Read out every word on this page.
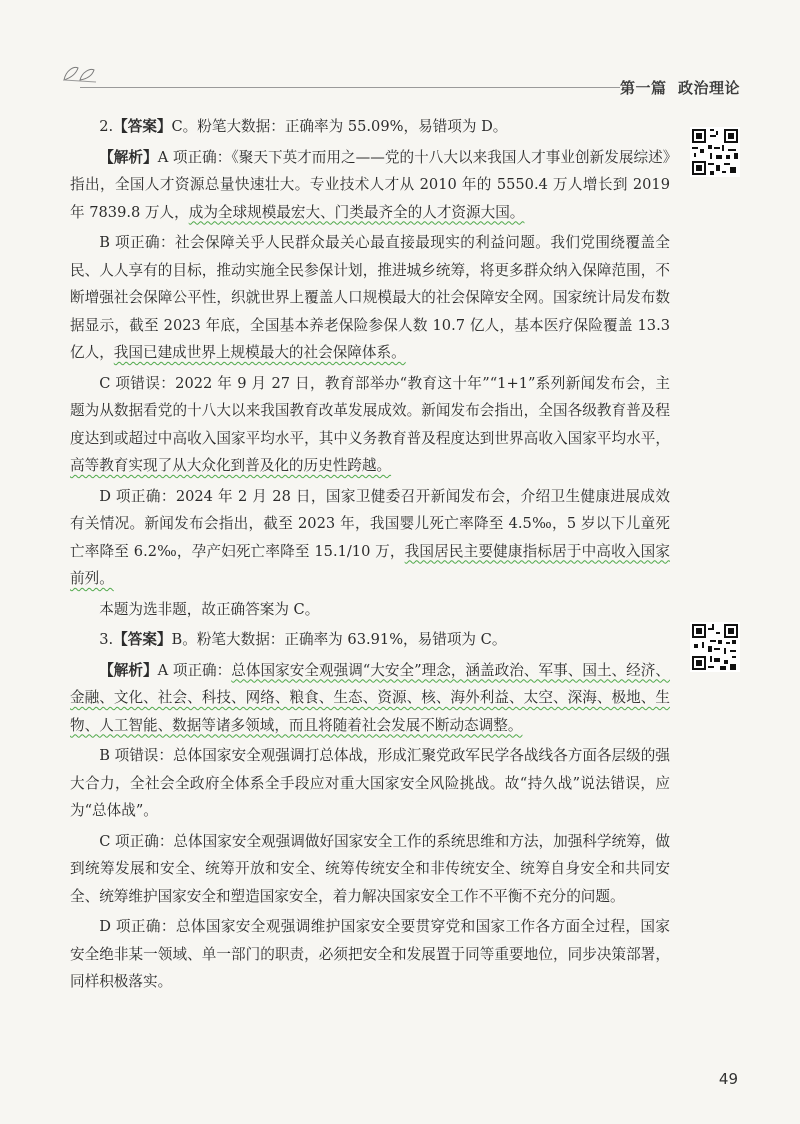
第一篇  政治理论

2.【答案】C。粉笔大数据：正确率为 55.09%，易错项为 D。

【解析】A 项正确：《聚天下英才而用之——党的十八大以来我国人才事业创新发展综述》指出，全国人才资源总量快速壮大。专业技术人才从 2010 年的 5550.4 万人增长到 2019 年 7839.8 万人，成为全球规模最宏大、门类最齐全的人才资源大国。

B 项正确：社会保障关乎人民群众最关心最直接最现实的利益问题。我们党围绕覆盖全民、人人享有的目标，推动实施全民参保计划，推进城乡统筹，将更多群众纳入保障范围，不断增强社会保障公平性，织就世界上覆盖人口规模最大的社会保障安全网。国家统计局发布数据显示，截至 2023 年底，全国基本养老保险参保人数 10.7 亿人，基本医疗保险覆盖 13.3 亿人，我国已建成世界上规模最大的社会保障体系。

C 项错误：2022 年 9 月 27 日，教育部举办“教育这十年”“1+1”系列新闻发布会，主题为从数据看党的十八大以来我国教育改革发展成效。新闻发布会指出，全国各级教育普及程度达到或超过中高收入国家平均水平，其中义务教育普及程度达到世界高收入国家平均水平，高等教育实现了从大众化到普及化的历史性跨越。

D 项正确：2024 年 2 月 28 日，国家卫健委召开新闻发布会，介绍卫生健康进展成效有关情况。新闻发布会指出，截至 2023 年，我国婴儿死亡率降至 4.5‰，5 岁以下儿童死亡率降至 6.2‰，孕产妇死亡率降至 15.1/10 万，我国居民主要健康指标居于中高收入国家前列。

本题为选非题，故正确答案为 C。

3.【答案】B。粉笔大数据：正确率为 63.91%，易错项为 C。

【解析】A 项正确：总体国家安全观强调“大安全”理念，涵盖政治、军事、国土、经济、金融、文化、社会、科技、网络、粮食、生态、资源、核、海外利益、太空、深海、极地、生物、人工智能、数据等诸多领域，而且将随着社会发展不断动态调整。

B 项错误：总体国家安全观强调打总体战，形成汇聚党政军民学各战线各方面各层级的强大合力，全社会全政府全体系全手段应对重大国家安全风险挑战。故“持久战”说法错误，应为“总体战”。

C 项正确：总体国家安全观强调做好国家安全工作的系统思维和方法，加强科学统筹，做到统筹发展和安全、统筹开放和安全、统筹传统安全和非传统安全、统筹自身安全和共同安全、统筹维护国家安全和塑造国家安全，着力解决国家安全工作不平衡不充分的问题。

D 项正确：总体国家安全观强调维护国家安全要贯穿党和国家工作各方面全过程，国家安全绝非某一领域、单一部门的职责，必须把安全和发展置于同等重要地位，同步决策部署，同样积极落实。

49
